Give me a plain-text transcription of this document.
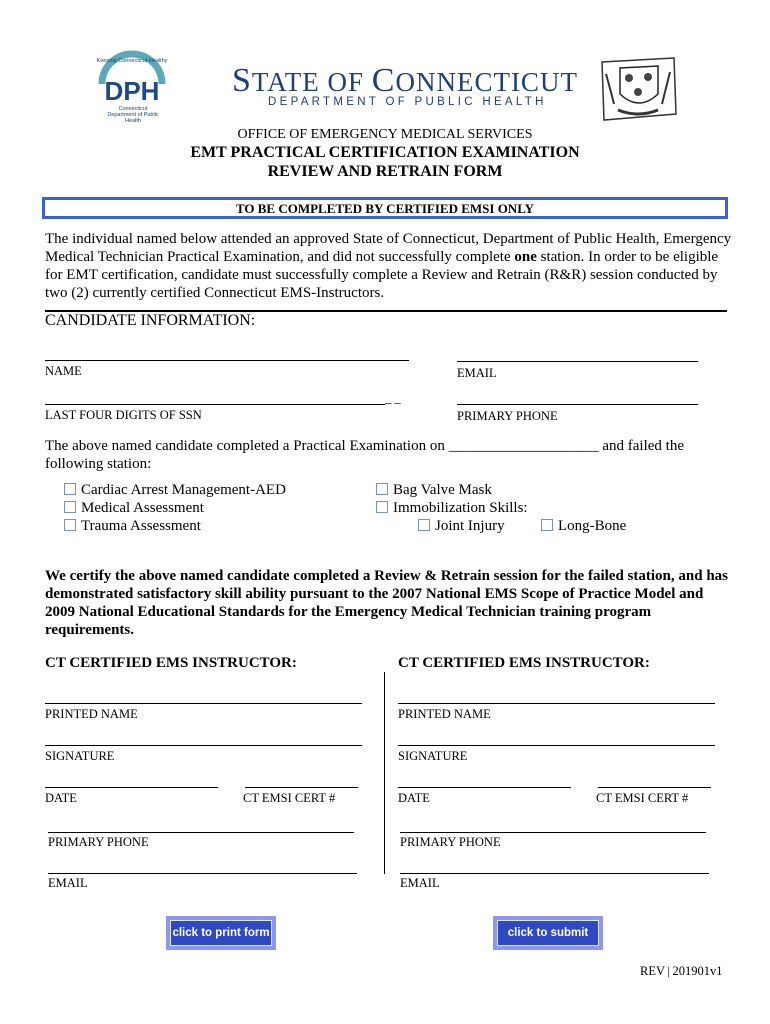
Keeping Connecticut Healthy
DPH
Connecticut Department of Public Health
STATE OF CONNECTICUT
DEPARTMENT OF PUBLIC HEALTH
OFFICE OF EMERGENCY MEDICAL SERVICES
EMT PRACTICAL CERTIFICATION EXAMINATION
REVIEW AND RETRAIN FORM
TO BE COMPLETED BY CERTIFIED EMSI ONLY
The individual named below attended an approved State of Connecticut, Department of Public Health, Emergency Medical Technician Practical Examination, and did not successfully complete one station. In order to be eligible for EMT certification, candidate must successfully complete a Review and Retrain (R&R) session conducted by two (2) currently certified Connecticut EMS-Instructors.
CANDIDATE INFORMATION:
NAME	EMAIL
_ _
LAST FOUR DIGITS OF SSN	PRIMARY PHONE
The above named candidate completed a Practical Examination on ____________________ and failed the following station:
Cardiac Arrest Management-AED
Medical Assessment
Trauma Assessment
Bag Valve Mask
Immobilization Skills:
Joint Injury	Long-Bone
We certify the above named candidate completed a Review & Retrain session for the failed station, and has demonstrated satisfactory skill ability pursuant to the 2007 National EMS Scope of Practice Model and 2009 National Educational Standards for the Emergency Medical Technician training program requirements.
CT CERTIFIED EMS INSTRUCTOR:	CT CERTIFIED EMS INSTRUCTOR:
PRINTED NAME
SIGNATURE
DATE	CT EMSI CERT #
PRIMARY PHONE
EMAIL
PRINTED NAME
SIGNATURE
DATE	CT EMSI CERT #
PRIMARY PHONE
EMAIL
click to print form	click to submit
REV | 201901v1
